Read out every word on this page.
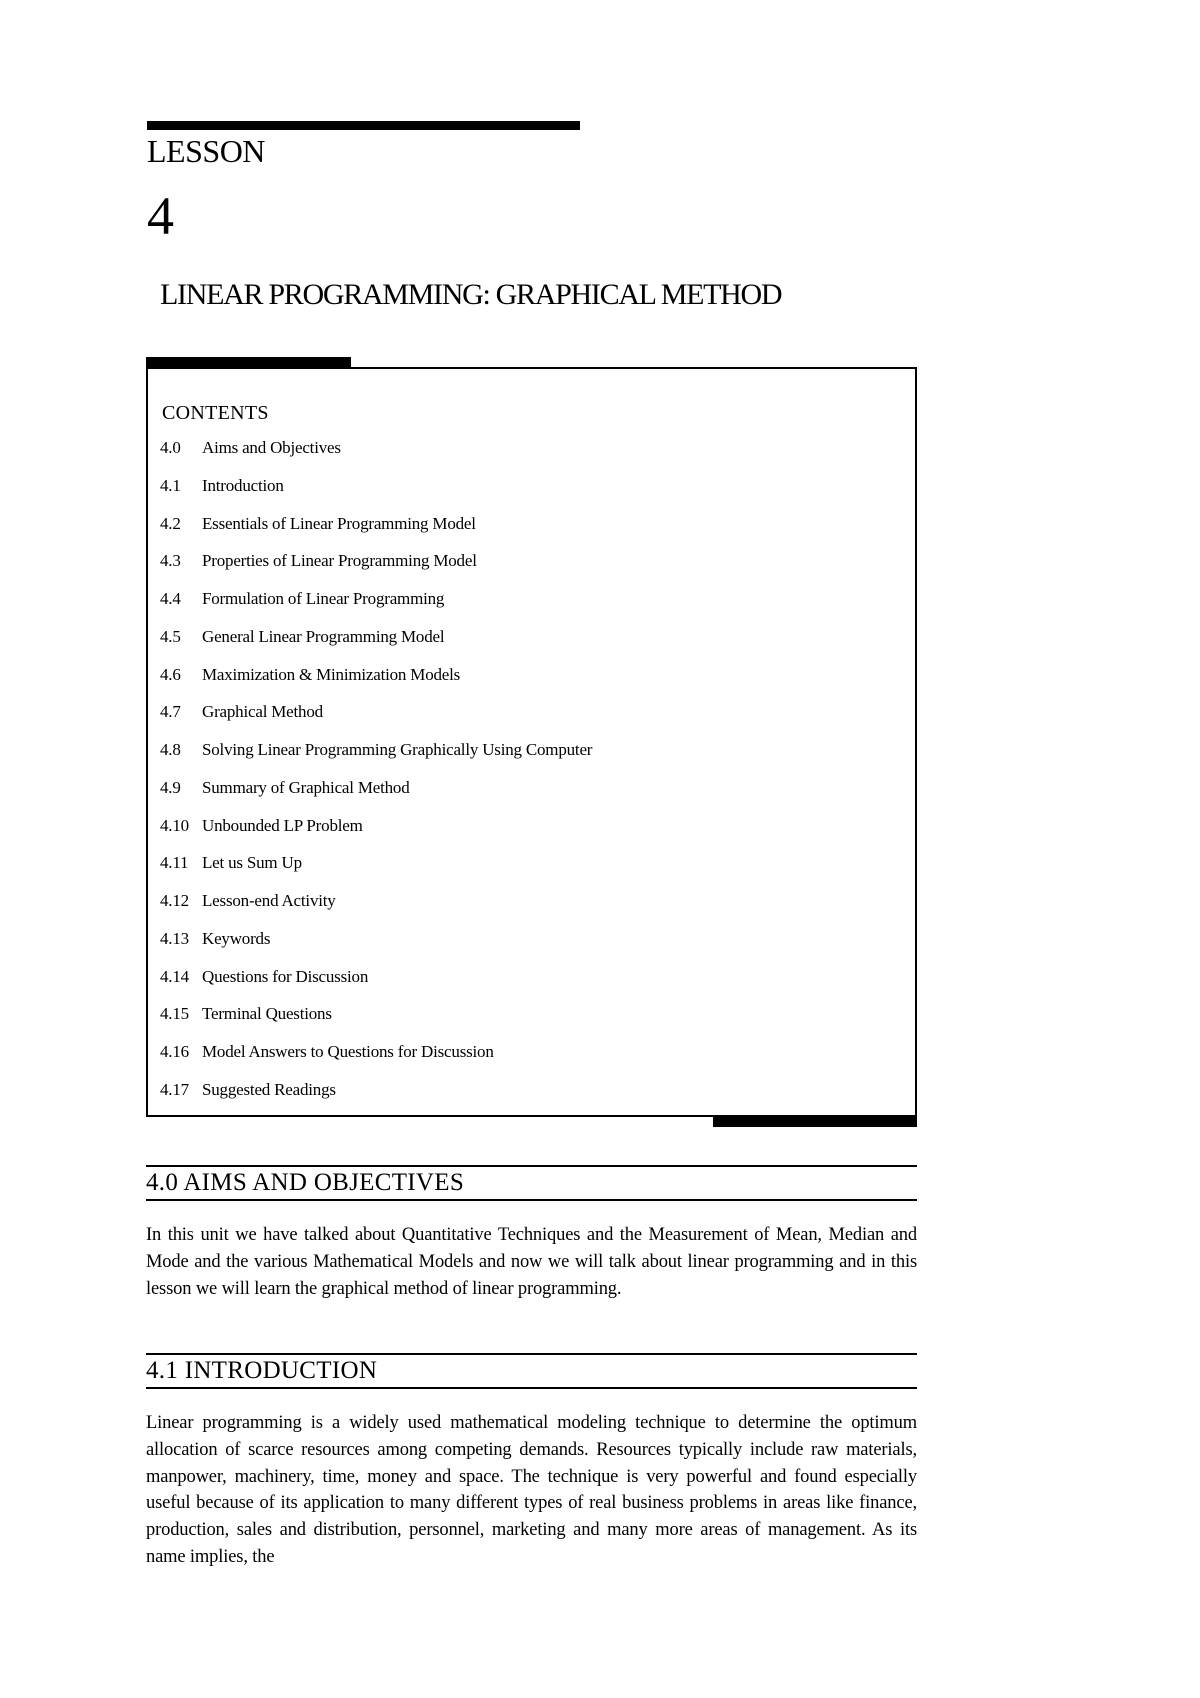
LESSON
4
LINEAR PROGRAMMING: GRAPHICAL METHOD
CONTENTS
4.0 Aims and Objectives
4.1 Introduction
4.2 Essentials of Linear Programming Model
4.3 Properties of Linear Programming Model
4.4 Formulation of Linear Programming
4.5 General Linear Programming Model
4.6 Maximization & Minimization Models
4.7 Graphical Method
4.8 Solving Linear Programming Graphically Using Computer
4.9 Summary of Graphical Method
4.10 Unbounded LP Problem
4.11 Let us Sum Up
4.12 Lesson-end Activity
4.13 Keywords
4.14 Questions for Discussion
4.15 Terminal Questions
4.16 Model Answers to Questions for Discussion
4.17 Suggested Readings
4.0 AIMS AND OBJECTIVES

In this unit we have talked about Quantitative Techniques and the Measurement of Mean, Median and Mode and the various Mathematical Models and now we will talk about linear programming and in this lesson we will learn the graphical method of linear programming.

4.1 INTRODUCTION

Linear programming is a widely used mathematical modeling technique to determine the optimum allocation of scarce resources among competing demands. Resources typically include raw materials, manpower, machinery, time, money and space. The technique is very powerful and found especially useful because of its application to many different types of real business problems in areas like finance, production, sales and distribution, personnel, marketing and many more areas of management. As its name implies, the
